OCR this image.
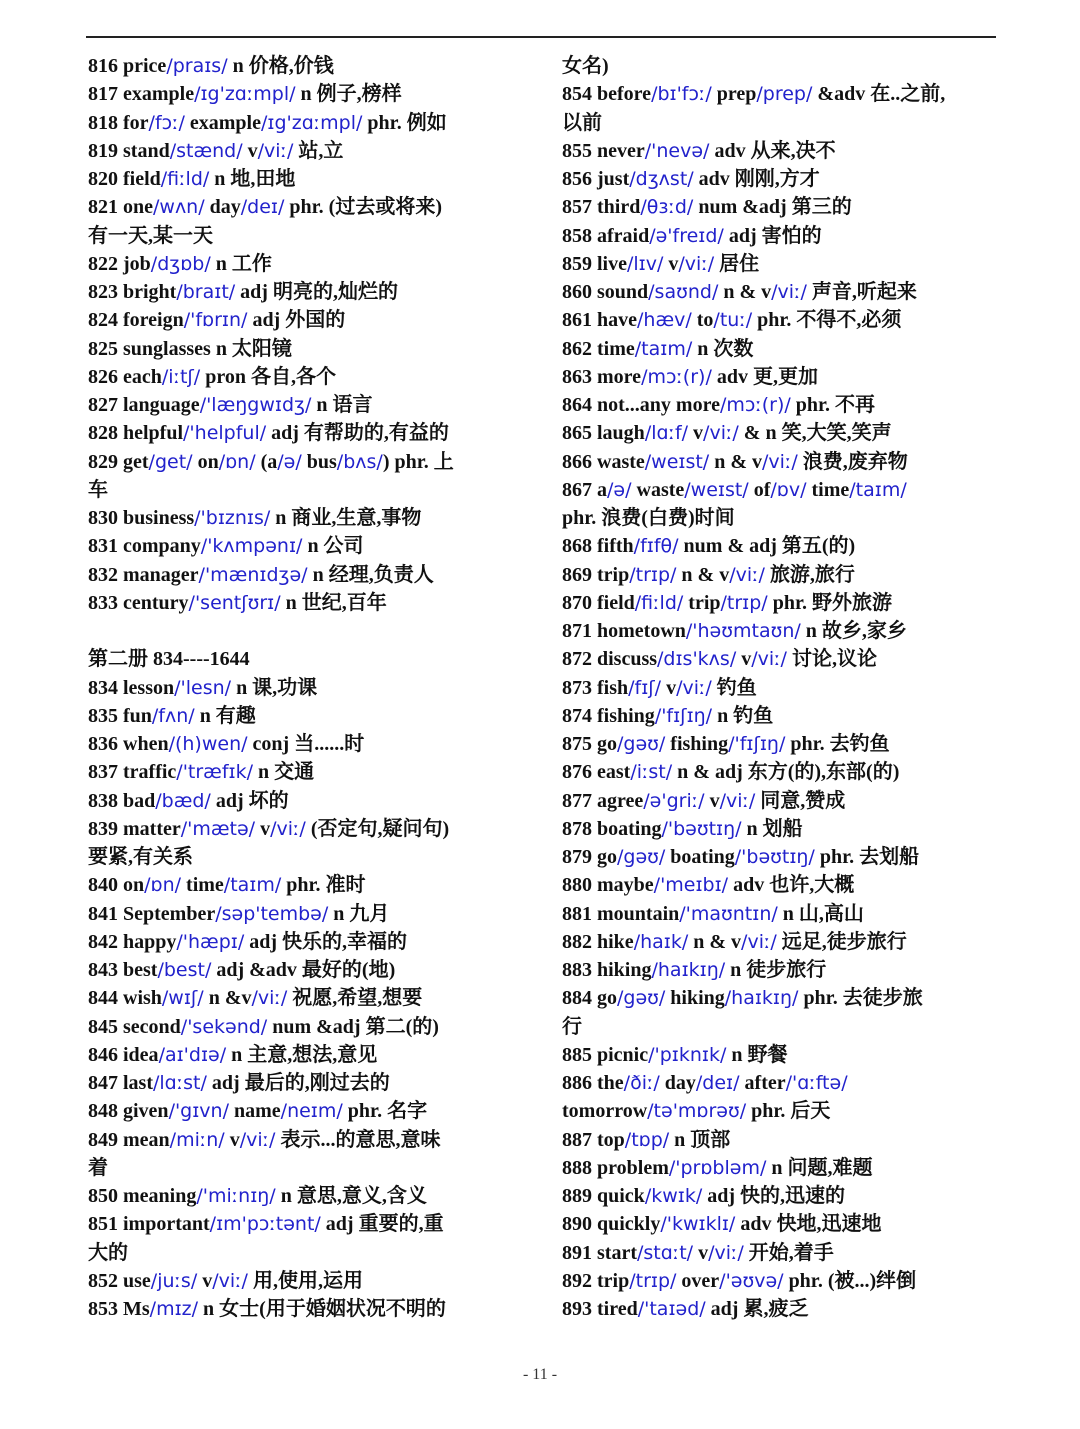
816 price/praɪs/ n 价格,价钱
817 example/ɪg'zɑːmpl/ n 例子,榜样
818 for/fɔː/ example/ɪg'zɑːmpl/ phr. 例如
819 stand/stænd/ v/viː/ 站,立
820 field/fiːld/ n 地,田地
821 one/wʌn/ day/deɪ/ phr. (过去或将来)
有一天,某一天
822 job/dʒɒb/ n 工作
823 bright/braɪt/ adj 明亮的,灿烂的
824 foreign/'fɒrɪn/ adj 外国的
825 sunglasses n 太阳镜
826 each/iːtʃ/ pron 各自,各个
827 language/'læŋgwɪdʒ/ n 语言
828 helpful/'helpful/ adj 有帮助的,有益的
829 get/get/ on/ɒn/ (a/ə/ bus/bʌs/) phr. 上
车
830 business/'bɪznɪs/ n 商业,生意,事物
831 company/'kʌmpənɪ/ n 公司
832 manager/'mænɪdʒə/ n 经理,负责人
833 century/'sentʃʊrɪ/ n 世纪,百年
第二册 834----1644
834 lesson/'lesn/ n 课,功课
835 fun/fʌn/ n 有趣
836 when/(h)wen/ conj 当......时
837 traffic/'træfɪk/ n 交通
838 bad/bæd/ adj 坏的
839 matter/'mætə/ v/viː/ (否定句,疑问句)
要紧,有关系
840 on/ɒn/ time/taɪm/ phr. 准时
841 September/səp'tembə/ n 九月
842 happy/'hæpɪ/ adj 快乐的,幸福的
843 best/best/ adj &adv 最好的(地)
844 wish/wɪʃ/ n &v/viː/ 祝愿,希望,想要
845 second/'sekənd/ num &adj 第二(的)
846 idea/aɪ'dɪə/ n 主意,想法,意见
847 last/lɑːst/ adj 最后的,刚过去的
848 given/'gɪvn/ name/neɪm/ phr. 名字
849 mean/miːn/ v/viː/ 表示...的意思,意味
着
850 meaning/'miːnɪŋ/ n 意思,意义,含义
851 important/ɪm'pɔːtənt/ adj 重要的,重
大的
852 use/juːs/ v/viː/ 用,使用,运用
853 Ms/mɪz/ n 女士(用于婚姻状况不明的
女名)
854 before/bɪ'fɔː/ prep/prep/ &adv 在..之前,
以前
855 never/'nevə/ adv 从来,决不
856 just/dʒʌst/ adv 刚刚,方才
857 third/θɜːd/ num &adj 第三的
858 afraid/ə'freɪd/ adj 害怕的
859 live/lɪv/ v/viː/ 居住
860 sound/saʊnd/ n & v/viː/ 声音,听起来
861 have/hæv/ to/tuː/ phr. 不得不,必须
862 time/taɪm/ n 次数
863 more/mɔː(r)/ adv 更,更加
864 not...any more/mɔː(r)/ phr. 不再
865 laugh/lɑːf/ v/viː/ & n 笑,大笑,笑声
866 waste/weɪst/ n & v/viː/ 浪费,废弃物
867 a/ə/ waste/weɪst/ of/ɒv/ time/taɪm/
phr. 浪费(白费)时间
868 fifth/fɪfθ/ num & adj 第五(的)
869 trip/trɪp/ n & v/viː/ 旅游,旅行
870 field/fiːld/ trip/trɪp/ phr. 野外旅游
871 hometown/'həʊmtaʊn/ n 故乡,家乡
872 discuss/dɪs'kʌs/ v/viː/ 讨论,议论
873 fish/fɪʃ/ v/viː/ 钓鱼
874 fishing/'fɪʃɪŋ/ n 钓鱼
875 go/gəʊ/ fishing/'fɪʃɪŋ/ phr. 去钓鱼
876 east/iːst/ n & adj 东方(的),东部(的)
877 agree/ə'griː/ v/viː/ 同意,赞成
878 boating/'bəʊtɪŋ/ n 划船
879 go/gəʊ/ boating/'bəʊtɪŋ/ phr. 去划船
880 maybe/'meɪbɪ/ adv 也许,大概
881 mountain/'maʊntɪn/ n 山,高山
882 hike/haɪk/ n & v/viː/ 远足,徒步旅行
883 hiking/haɪkɪŋ/ n 徒步旅行
884 go/gəʊ/ hiking/haɪkɪŋ/ phr. 去徒步旅
行
885 picnic/'pɪknɪk/ n 野餐
886 the/ðiː/ day/deɪ/ after/'ɑːftə/
tomorrow/tə'mɒrəʊ/ phr. 后天
887 top/tɒp/ n 顶部
888 problem/'prɒbləm/ n 问题,难题
889 quick/kwɪk/ adj 快的,迅速的
890 quickly/'kwɪklɪ/ adv 快地,迅速地
891 start/stɑːt/ v/viː/ 开始,着手
892 trip/trɪp/ over/'əʊvə/ phr. (被...)绊倒
893 tired/'taɪəd/ adj 累,疲乏
- 11 -
